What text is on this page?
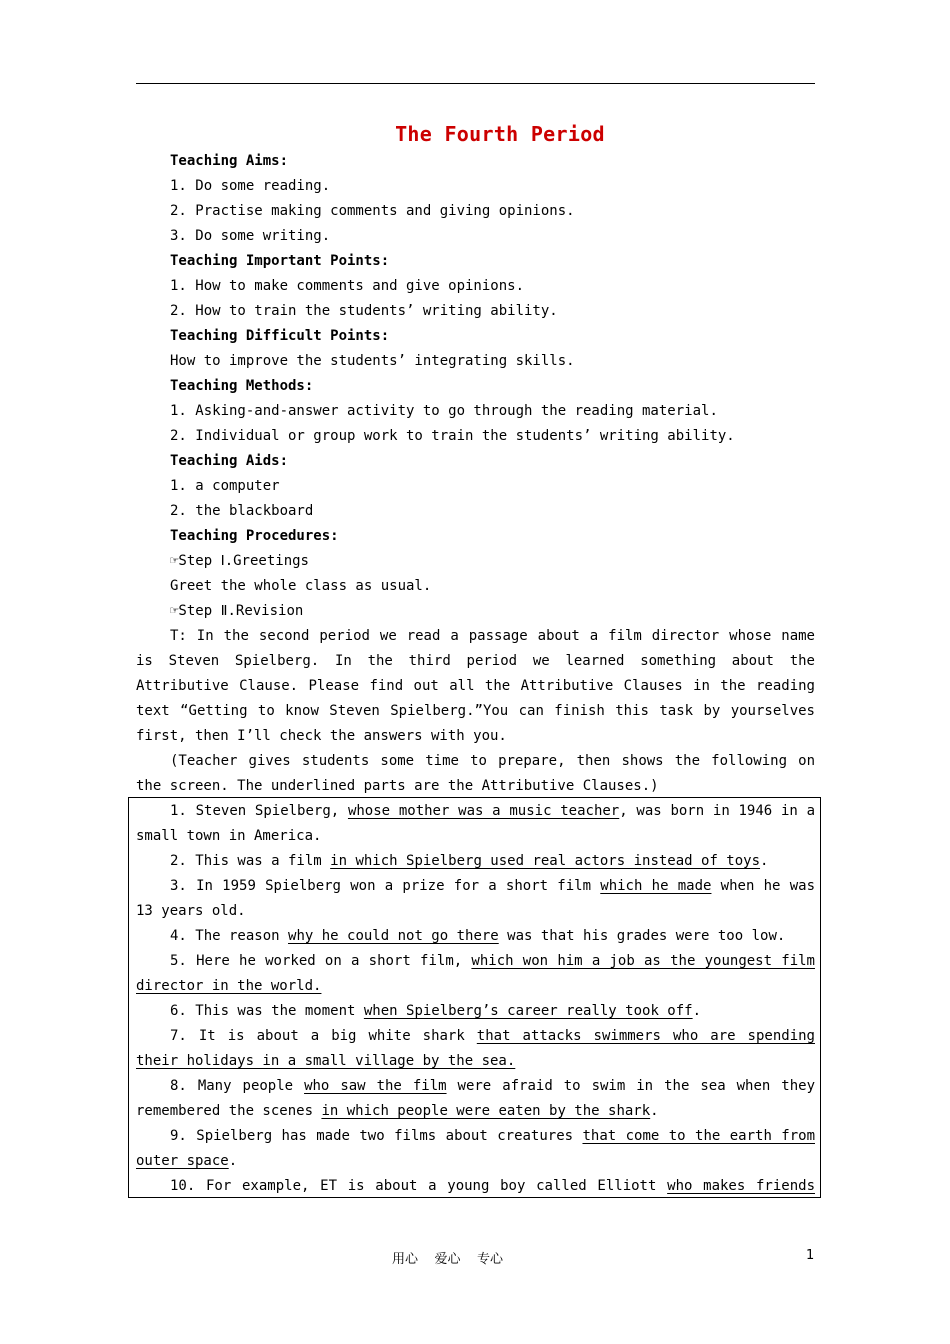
The Fourth Period
Teaching Aims:
1. Do some reading.
2. Practise making comments and giving opinions.
3. Do some writing.
Teaching Important Points:
1. How to make comments and give opinions.
2. How to train the students’ writing ability.
Teaching Difficult Points:
How to improve the students’ integrating skills.
Teaching Methods:
1. Asking-and-answer activity to go through the reading material.
2. Individual or group work to train the students’ writing ability.
Teaching Aids:
1. a computer
2. the blackboard
Teaching Procedures:
☞Step Ⅰ.Greetings
Greet the whole class as usual.
☞Step Ⅱ.Revision
T: In the second period we read a passage about a film director whose name
is Steven Spielberg. In the third period we learned something about the
Attributive Clause. Please find out all the Attributive Clauses in the reading
text “Getting to know Steven Spielberg.”You can finish this task by yourselves
first, then I’ll check the answers with you.
(Teacher gives students some time to prepare, then shows the following on
the screen. The underlined parts are the Attributive Clauses.)
1. Steven Spielberg, whose mother was a music teacher, was born in 1946 in a
small town in America.
2. This was a film in which Spielberg used real actors instead of toys.
3. In 1959 Spielberg won a prize for a short film which he made when he was
13 years old.
4. The reason why he could not go there was that his grades were too low.
5. Here he worked on a short film, which won him a job as the youngest film
director in the world.
6. This was the moment when Spielberg’s career really took off.
7. It is about a big white shark that attacks swimmers who are spending
their holidays in a small village by the sea.
8. Many people who saw the film were afraid to swim in the sea when they
remembered the scenes in which people were eaten by the shark.
9. Spielberg has made two films about creatures that come to the earth from
outer space.
10. For example, ET is about a young boy called Elliott who makes friends
用心    爱心    专心	1
